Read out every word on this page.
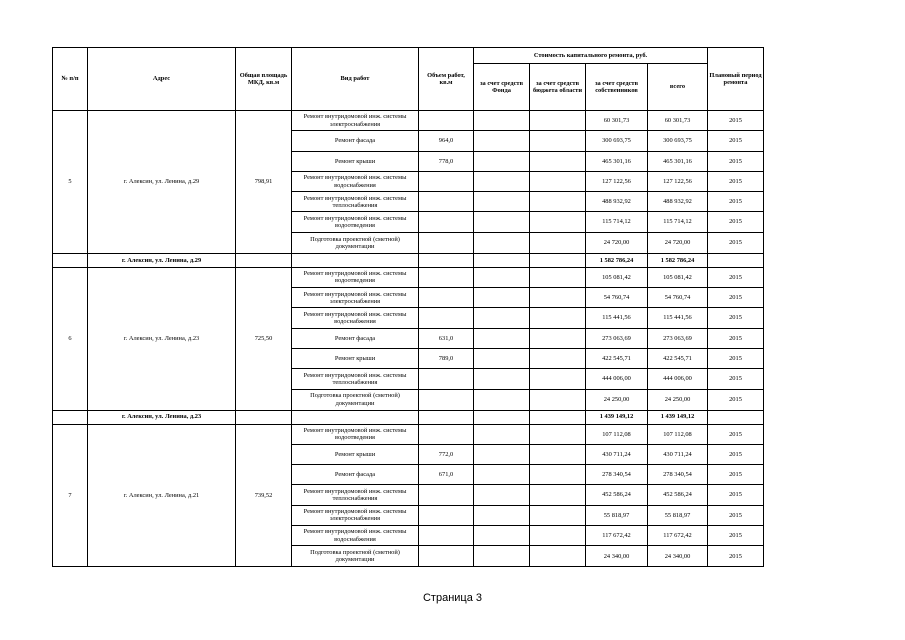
№ п/п	Адрес	Общая площадь МКД, кв.м	Вид работ	Объем работ, кв.м	Стоимость капитального ремонта, руб.				Плановый период ремонта
					за счет средств Фонда	за счет средств бюджета области	за счет средств собственников	всего	
5	г. Алексин, ул. Ленина, д.29	798,91	Ремонт внутридомовой инж. системы электроснабжения				60 301,73	60 301,73	2015
			Ремонт фасада	964,0			300 693,75	300 693,75	2015
			Ремонт крыши	778,0			465 301,16	465 301,16	2015
			Ремонт внутридомовой инж. системы водоснабжения				127 122,56	127 122,56	2015
			Ремонт внутридомовой инж. системы теплоснабжения				488 932,92	488 932,92	2015
			Ремонт внутридомовой инж. системы водоотведения				115 714,12	115 714,12	2015
			Подготовка проектной (сметной) документации				24 720,00	24 720,00	2015
	г. Алексин, ул. Ленина, д.29						1 582 786,24	1 582 786,24	
6	г. Алексин, ул. Ленина, д.23	725,50	Ремонт внутридомовой инж. системы водоотведения				105 081,42	105 081,42	2015
			Ремонт внутридомовой инж. системы электроснабжения				54 760,74	54 760,74	2015
			Ремонт внутридомовой инж. системы водоснабжения				115 441,56	115 441,56	2015
			Ремонт фасада	631,0			273 063,69	273 063,69	2015
			Ремонт крыши	789,0			422 545,71	422 545,71	2015
			Ремонт внутридомовой инж. системы теплоснабжения				444 006,00	444 006,00	2015
			Подготовка проектной (сметной) документации				24 250,00	24 250,00	2015
	г. Алексин, ул. Ленина, д.23						1 439 149,12	1 439 149,12	
7	г. Алексин, ул. Ленина, д.21	739,52	Ремонт внутридомовой инж. системы водоотведения				107 112,08	107 112,08	2015
			Ремонт крыши	772,0			430 711,24	430 711,24	2015
			Ремонт фасада	671,0			278 340,54	278 340,54	2015
			Ремонт внутридомовой инж. системы теплоснабжения				452 586,24	452 586,24	2015
			Ремонт внутридомовой инж. системы электроснабжения				55 818,97	55 818,97	2015
			Ремонт внутридомовой инж. системы водоснабжения				117 672,42	117 672,42	2015
			Подготовка проектной (сметной) документации				24 340,00	24 340,00	2015
Страница 3
